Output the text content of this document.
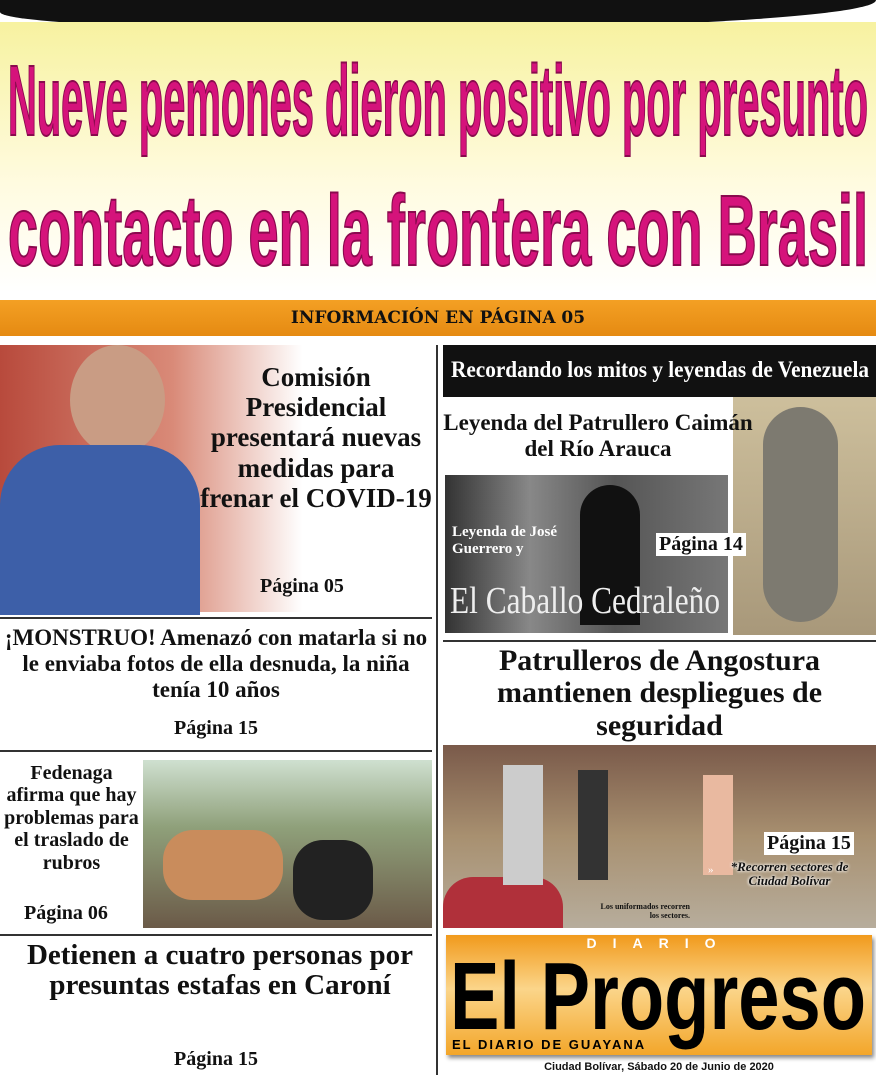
Nueve pemones dieron positivo por presunto
contacto en la frontera con Brasil
INFORMACIÓN EN PÁGINA 05
Comisión Presidencial presentará nuevas medidas para frenar el COVID-19
Página 05
¡MONSTRUO! Amenazó con matarla si no le enviaba fotos de ella desnuda, la niña tenía 10 años
Página 15
Fedenaga afirma que hay problemas para el traslado de rubros
Página 06
Detienen a cuatro personas por presuntas estafas en Caroní
Página 15
Recordando los mitos y leyendas de Venezuela
Leyenda del Patrullero Caimán del Río Arauca
Leyenda de José Guerrero y
El Caballo Cedraleño
Página 14
Patrulleros de Angostura mantienen despliegues de seguridad
Página 15
»	*Recorren sectores de Ciudad Bolívar
Los uniformados recorren los sectores.
DIARIO
El Progreso
EL DIARIO DE GUAYANA
Ciudad Bolívar, Sábado 20 de Junio de 2020
